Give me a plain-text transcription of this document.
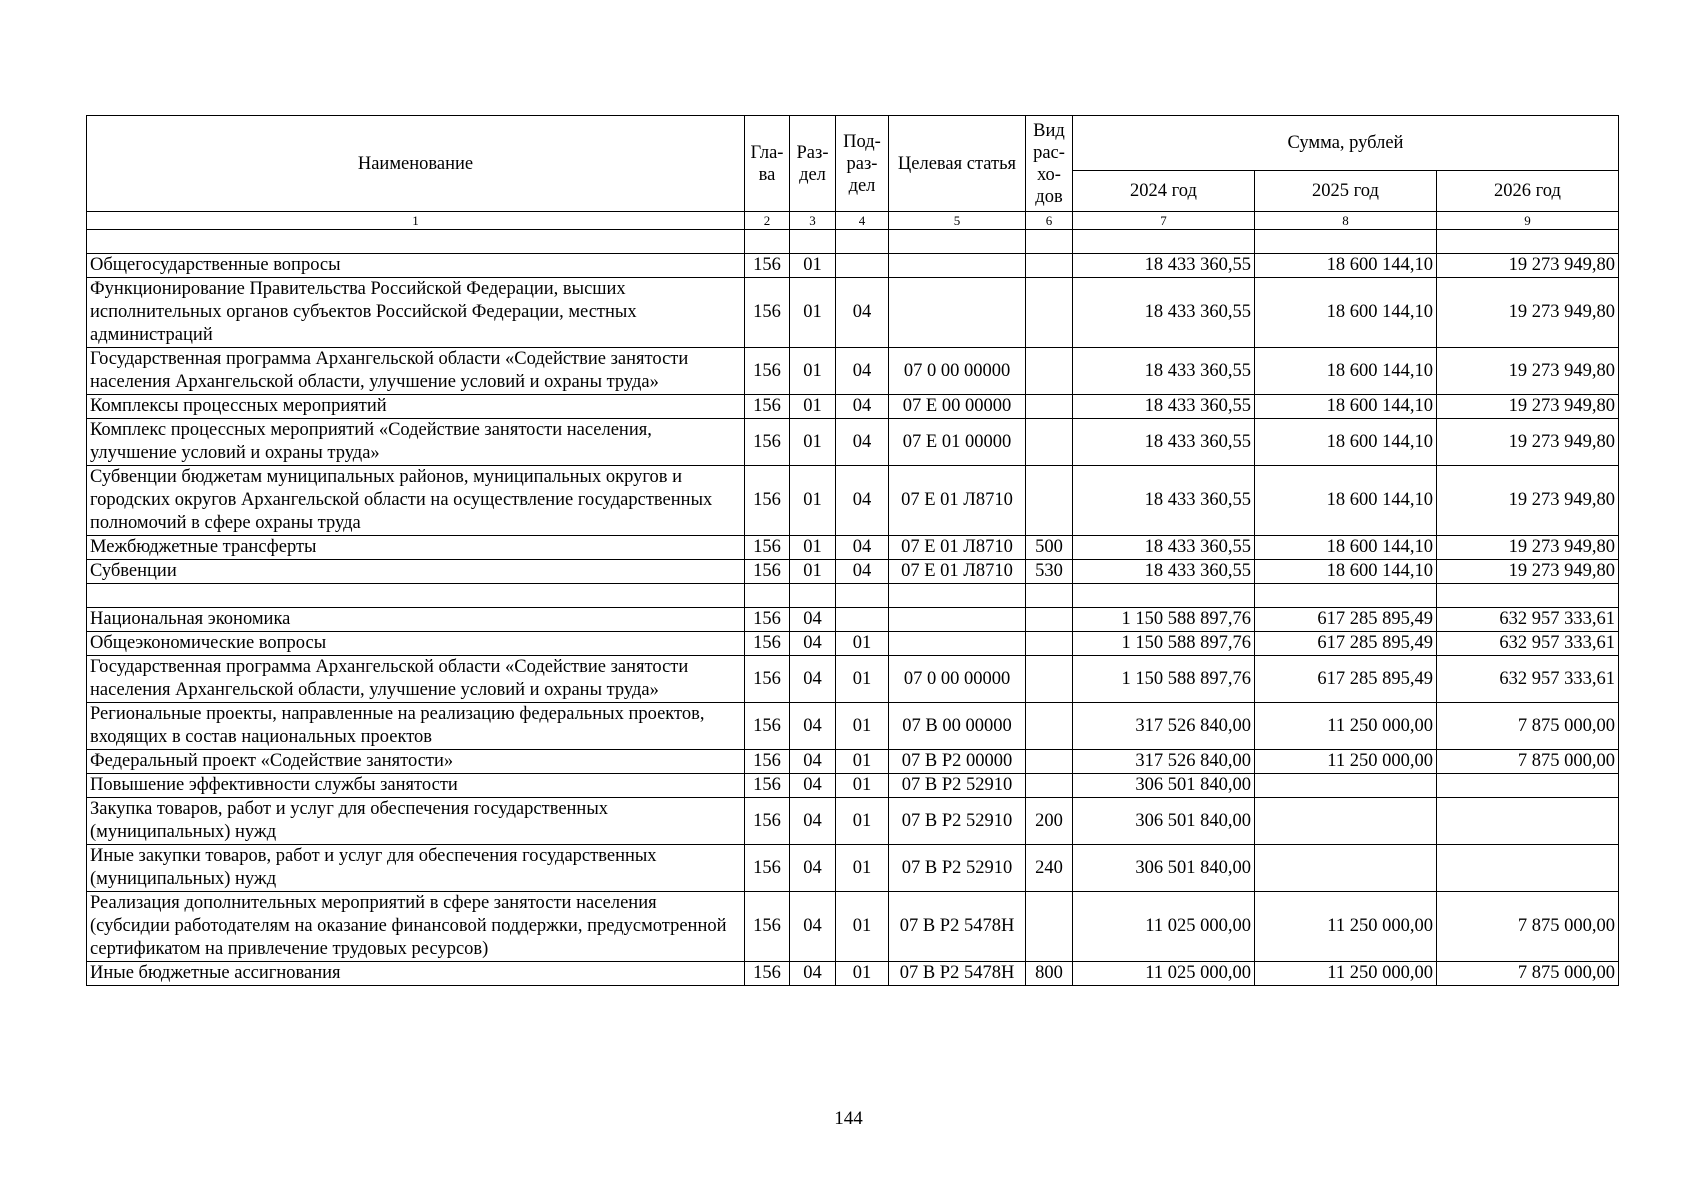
Наименование	Гла-ва	Раз-дел	Под-раз-дел	Целевая статья	Вид рас-хо-дов	Сумма, рублей		
						2024 год	2025 год	2026 год
1	2	3	4	5	6	7	8	9

Общегосударственные вопросы	156	01				18 433 360,55	18 600 144,10	19 273 949,80
Функционирование Правительства Российской Федерации, высших исполнительных органов субъектов Российской Федерации, местных администраций	156	01	04			18 433 360,55	18 600 144,10	19 273 949,80
Государственная программа Архангельской области «Содействие занятости населения Архангельской области, улучшение условий и охраны труда»	156	01	04	07 0 00 00000		18 433 360,55	18 600 144,10	19 273 949,80
Комплексы процессных мероприятий	156	01	04	07 Е 00 00000		18 433 360,55	18 600 144,10	19 273 949,80
Комплекс процессных мероприятий «Содействие занятости населения, улучшение условий и охраны труда»	156	01	04	07 Е 01 00000		18 433 360,55	18 600 144,10	19 273 949,80
Субвенции бюджетам муниципальных районов, муниципальных округов и городских округов Архангельской области на осуществление государственных полномочий в сфере охраны труда	156	01	04	07 Е 01 Л8710		18 433 360,55	18 600 144,10	19 273 949,80
Межбюджетные трансферты	156	01	04	07 Е 01 Л8710	500	18 433 360,55	18 600 144,10	19 273 949,80
Субвенции	156	01	04	07 Е 01 Л8710	530	18 433 360,55	18 600 144,10	19 273 949,80

Национальная экономика	156	04				1 150 588 897,76	617 285 895,49	632 957 333,61
Общеэкономические вопросы	156	04	01			1 150 588 897,76	617 285 895,49	632 957 333,61
Государственная программа Архангельской области «Содействие занятости населения Архангельской области, улучшение условий и охраны труда»	156	04	01	07 0 00 00000		1 150 588 897,76	617 285 895,49	632 957 333,61
Региональные проекты, направленные на реализацию федеральных проектов, входящих в состав национальных проектов	156	04	01	07 В 00 00000		317 526 840,00	11 250 000,00	7 875 000,00
Федеральный проект «Содействие занятости»	156	04	01	07 В Р2 00000		317 526 840,00	11 250 000,00	7 875 000,00
Повышение эффективности службы занятости	156	04	01	07 В Р2 52910		306 501 840,00		
Закупка товаров, работ и услуг для обеспечения государственных (муниципальных) нужд	156	04	01	07 В Р2 52910	200	306 501 840,00		
Иные закупки товаров, работ и услуг для обеспечения государственных (муниципальных) нужд	156	04	01	07 В Р2 52910	240	306 501 840,00		
Реализация дополнительных мероприятий в сфере занятости населения (субсидии работодателям на оказание финансовой поддержки, предусмотренной сертификатом на привлечение трудовых ресурсов)	156	04	01	07 В Р2 5478Н		11 025 000,00	11 250 000,00	7 875 000,00
Иные бюджетные ассигнования	156	04	01	07 В Р2 5478Н	800	11 025 000,00	11 250 000,00	7 875 000,00
144
